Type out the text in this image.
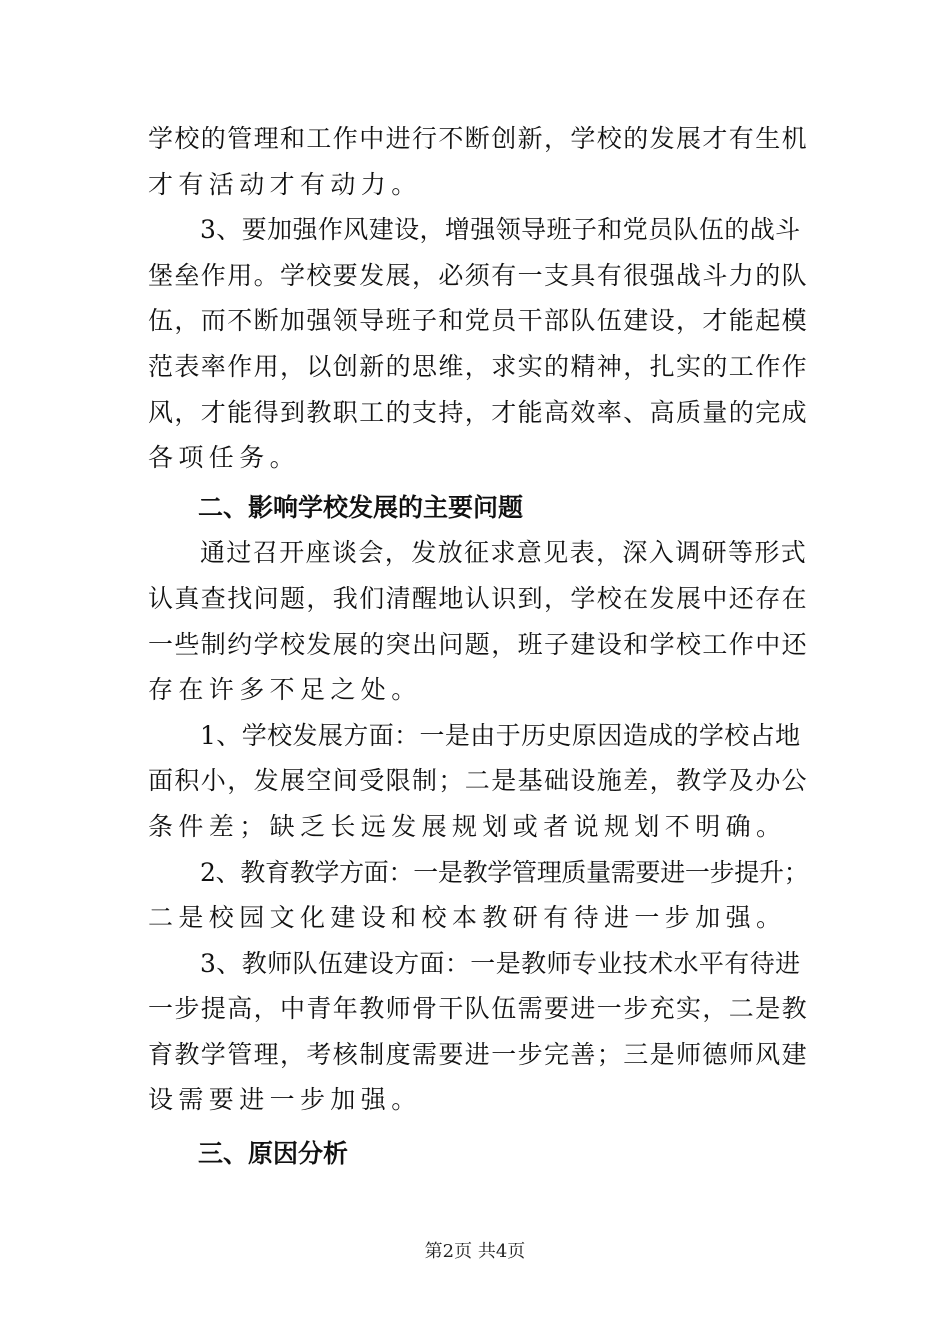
学校的管理和工作中进行不断创新，学校的发展才有生机
才有活动才有动力。
3、要加强作风建设，增强领导班子和党员队伍的战斗
堡垒作用。学校要发展，必须有一支具有很强战斗力的队
伍，而不断加强领导班子和党员干部队伍建设，才能起模
范表率作用，以创新的思维，求实的精神，扎实的工作作
风，才能得到教职工的支持，才能高效率、高质量的完成
各项任务。
二、影响学校发展的主要问题
通过召开座谈会，发放征求意见表，深入调研等形式
认真查找问题，我们清醒地认识到，学校在发展中还存在
一些制约学校发展的突出问题，班子建设和学校工作中还
存在许多不足之处。
1、学校发展方面：一是由于历史原因造成的学校占地
面积小，发展空间受限制；二是基础设施差，教学及办公
条件差；缺乏长远发展规划或者说规划不明确。
2、教育教学方面：一是教学管理质量需要进一步提升；
二是校园文化建设和校本教研有待进一步加强。
3、教师队伍建设方面：一是教师专业技术水平有待进
一步提高，中青年教师骨干队伍需要进一步充实，二是教
育教学管理，考核制度需要进一步完善；三是师德师风建
设需要进一步加强。
三、原因分析
第2页 共4页
